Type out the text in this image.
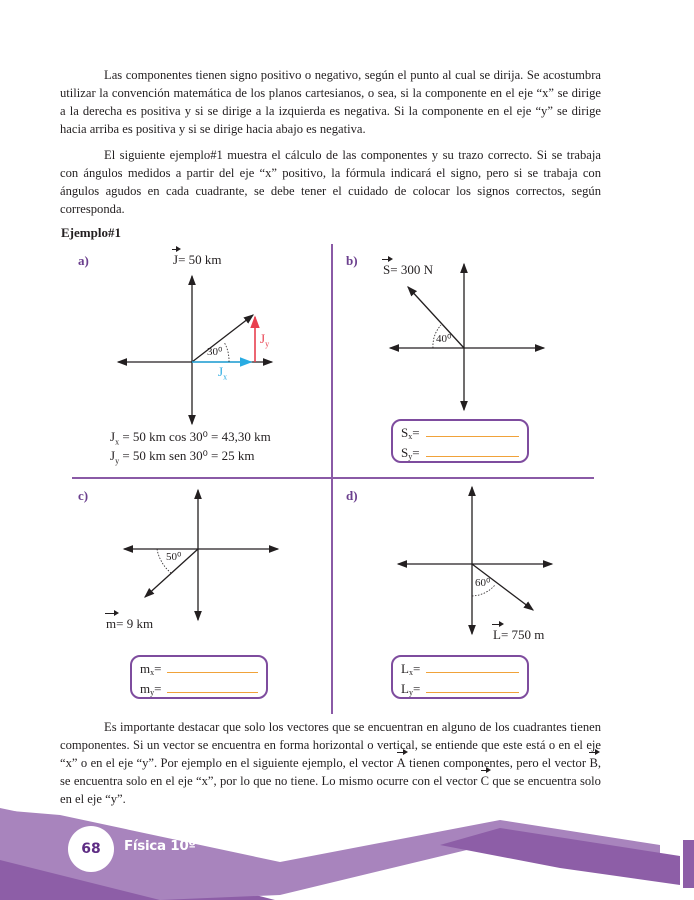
Las componentes tienen signo positivo o negativo, según el punto al cual se dirija. Se acostumbra utilizar la convención matemática de los planos cartesianos, o sea, si la componente en el eje “x” se dirige a la derecha es positiva y si se dirige a la izquierda es negativa. Si la componente en el eje “y” se dirige hacia arriba es positiva y si se dirige hacia abajo es negativa.

El siguiente ejemplo#1 muestra el cálculo de las componentes y su trazo correcto. Si se trabaja con ángulos medidos a partir del eje “x” positivo, la fórmula indicará el signo, pero si se trabaja con ángulos agudos en cada cuadrante, se debe tener el cuidado de colocar los signos correctos, según corresponda.

Ejemplo#1
a)	J= 50 km
30⁰
$J_y$
$J_x$
$J_x = 50$ km cos 30⁰ = 43,30 km
$J_y = 50$ km sen 30⁰ = 25 km
b)
S= 300 N
40⁰
$S_x$ =
$S_y$ =
c)
50⁰
m= 9 km
$m_x$ =
$m_y$ =
d)
60⁰
L= 750 m
$L_x$ =
$L_y$ =

Es importante destacar que solo los vectores que se encuentran en alguno de los cuadrantes tienen componentes. Si un vector se encuentra en forma horizontal o vertical, se entiende que este está o en el eje “x” o en el eje “y”. Por ejemplo en el siguiente ejemplo, el vector A tienen componentes, pero el vector B, se encuentra solo en el eje “x”, por lo que no tiene. Lo mismo ocurre con el vector C que se encuentra solo en el eje “y”.

68	Física 10º
